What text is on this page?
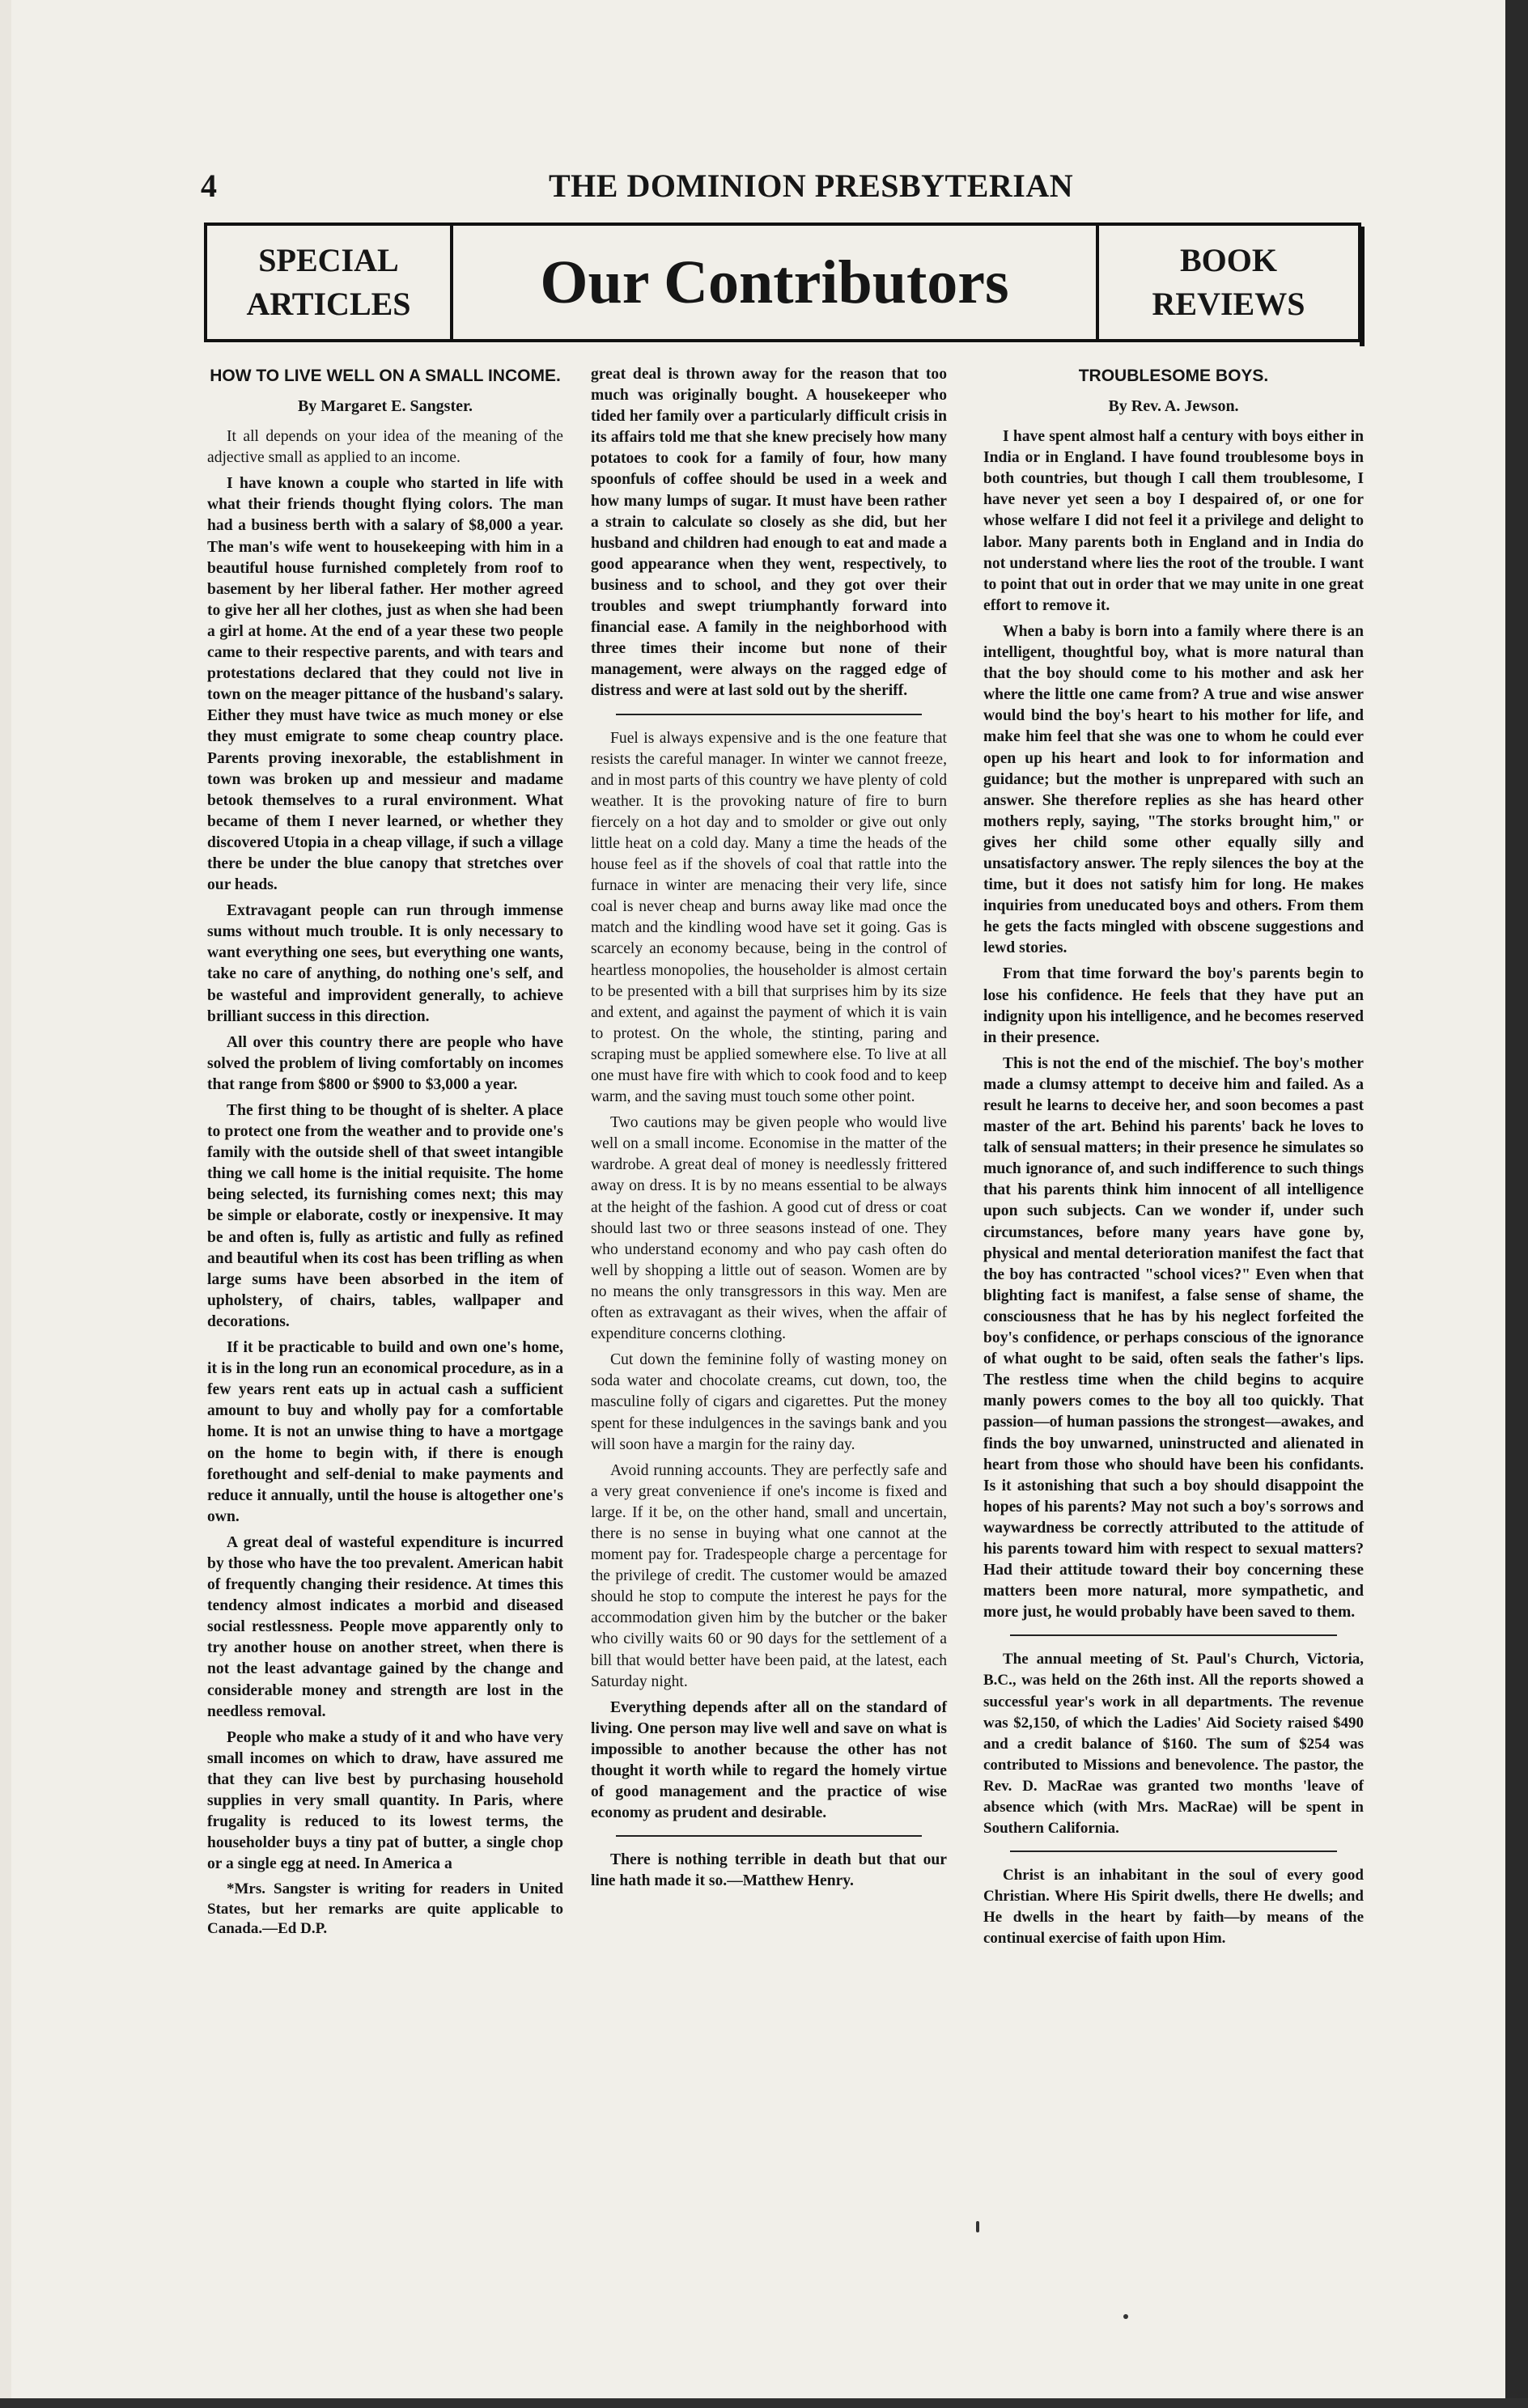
4	THE DOMINION PRESBYTERIAN
SPECIAL
ARTICLES	Our Contributors	BOOK
REVIEWS
HOW TO LIVE WELL ON A SMALL INCOME.

By Margaret E. Sangster.

It all depends on your idea of the meaning of the adjective small as applied to an income.

I have known a couple who started in life with what their friends thought flying colors. The man had a business berth with a salary of $8,000 a year. The man's wife went to housekeeping with him in a beautiful house furnished completely from roof to basement by her liberal father. Her mother agreed to give her all her clothes, just as when she had been a girl at home. At the end of a year these two people came to their respective parents, and with tears and protestations declared that they could not live in town on the meager pittance of the husband's salary. Either they must have twice as much money or else they must emigrate to some cheap country place. Parents proving inexorable, the establishment in town was broken up and messieur and madame betook themselves to a rural environment. What became of them I never learned, or whether they discovered Utopia in a cheap village, if such a village there be under the blue canopy that stretches over our heads.

Extravagant people can run through immense sums without much trouble. It is only necessary to want everything one sees, but everything one wants, take no care of anything, do nothing one's self, and be wasteful and improvident generally, to achieve brilliant success in this direction.

All over this country there are people who have solved the problem of living comfortably on incomes that range from $800 or $900 to $3,000 a year.

The first thing to be thought of is shelter. A place to protect one from the weather and to provide one's family with the outside shell of that sweet intangible thing we call home is the initial requisite. The home being selected, its furnishing comes next; this may be simple or elaborate, costly or inexpensive. It may be and often is, fully as artistic and fully as refined and beautiful when its cost has been trifling as when large sums have been absorbed in the item of upholstery, of chairs, tables, wallpaper and decorations.

If it be practicable to build and own one's home, it is in the long run an economical procedure, as in a few years rent eats up in actual cash a sufficient amount to buy and wholly pay for a comfortable home. It is not an unwise thing to have a mortgage on the home to begin with, if there is enough forethought and self-denial to make payments and reduce it annually, until the house is altogether one's own.

A great deal of wasteful expenditure is incurred by those who have the too prevalent. American habit of frequently changing their residence. At times this tendency almost indicates a morbid and diseased social restlessness. People move apparently only to try another house on another street, when there is not the least advantage gained by the change and considerable money and strength are lost in the needless removal.

People who make a study of it and who have very small incomes on which to draw, have assured me that they can live best by purchasing household supplies in very small quantity. In Paris, where frugality is reduced to its lowest terms, the householder buys a tiny pat of butter, a single chop or a single egg at need. In America a

*Mrs. Sangster is writing for readers in United States, but her remarks are quite applicable to Canada.—Ed D.P.

great deal is thrown away for the reason that too much was originally bought. A housekeeper who tided her family over a particularly difficult crisis in its affairs told me that she knew precisely how many potatoes to cook for a family of four, how many spoonfuls of coffee should be used in a week and how many lumps of sugar. It must have been rather a strain to calculate so closely as she did, but her husband and children had enough to eat and made a good appearance when they went, respectively, to business and to school, and they got over their troubles and swept triumphantly forward into financial ease. A family in the neighborhood with three times their income but none of their management, were always on the ragged edge of distress and were at last sold out by the sheriff.

Fuel is always expensive and is the one feature that resists the careful manager. In winter we cannot freeze, and in most parts of this country we have plenty of cold weather. It is the provoking nature of fire to burn fiercely on a hot day and to smolder or give out only little heat on a cold day. Many a time the heads of the house feel as if the shovels of coal that rattle into the furnace in winter are menacing their very life, since coal is never cheap and burns away like mad once the match and the kindling wood have set it going. Gas is scarcely an economy because, being in the control of heartless monopolies, the householder is almost certain to be presented with a bill that surprises him by its size and extent, and against the payment of which it is vain to protest. On the whole, the stinting, paring and scraping must be applied somewhere else. To live at all one must have fire with which to cook food and to keep warm, and the saving must touch some other point.

Two cautions may be given people who would live well on a small income. Economise in the matter of the wardrobe. A great deal of money is needlessly frittered away on dress. It is by no means essential to be always at the height of the fashion. A good cut of dress or coat should last two or three seasons instead of one. They who understand economy and who pay cash often do well by shopping a little out of season. Women are by no means the only transgressors in this way. Men are often as extravagant as their wives, when the affair of expenditure concerns clothing.

Cut down the feminine folly of wasting money on soda water and chocolate creams, cut down, too, the masculine folly of cigars and cigarettes. Put the money spent for these indulgences in the savings bank and you will soon have a margin for the rainy day.

Avoid running accounts. They are perfectly safe and a very great convenience if one's income is fixed and large. If it be, on the other hand, small and uncertain, there is no sense in buying what one cannot at the moment pay for. Tradespeople charge a percentage for the privilege of credit. The customer would be amazed should he stop to compute the interest he pays for the accommodation given him by the butcher or the baker who civilly waits 60 or 90 days for the settlement of a bill that would better have been paid, at the latest, each Saturday night.

Everything depends after all on the standard of living. One person may live well and save on what is impossible to another because the other has not thought it worth while to regard the homely virtue of good management and the practice of wise economy as prudent and desirable.

There is nothing terrible in death but that our line hath made it so.—Matthew Henry.

TROUBLESOME BOYS.

By Rev. A. Jewson.

I have spent almost half a century with boys either in India or in England. I have found troublesome boys in both countries, but though I call them troublesome, I have never yet seen a boy I despaired of, or one for whose welfare I did not feel it a privilege and delight to labor. Many parents both in England and in India do not understand where lies the root of the trouble. I want to point that out in order that we may unite in one great effort to remove it.

When a baby is born into a family where there is an intelligent, thoughtful boy, what is more natural than that the boy should come to his mother and ask her where the little one came from? A true and wise answer would bind the boy's heart to his mother for life, and make him feel that she was one to whom he could ever open up his heart and look to for information and guidance; but the mother is unprepared with such an answer. She therefore replies as she has heard other mothers reply, saying, "The storks brought him," or gives her child some other equally silly and unsatisfactory answer. The reply silences the boy at the time, but it does not satisfy him for long. He makes inquiries from uneducated boys and others. From them he gets the facts mingled with obscene suggestions and lewd stories.

From that time forward the boy's parents begin to lose his confidence. He feels that they have put an indignity upon his intelligence, and he becomes reserved in their presence.

This is not the end of the mischief. The boy's mother made a clumsy attempt to deceive him and failed. As a result he learns to deceive her, and soon becomes a past master of the art. Behind his parents' back he loves to talk of sensual matters; in their presence he simulates so much ignorance of, and such indifference to such things that his parents think him innocent of all intelligence upon such subjects. Can we wonder if, under such circumstances, before many years have gone by, physical and mental deterioration manifest the fact that the boy has contracted "school vices?" Even when that blighting fact is manifest, a false sense of shame, the consciousness that he has by his neglect forfeited the boy's confidence, or perhaps conscious of the ignorance of what ought to be said, often seals the father's lips. The restless time when the child begins to acquire manly powers comes to the boy all too quickly. That passion—of human passions the strongest—awakes, and finds the boy unwarned, uninstructed and alienated in heart from those who should have been his confidants. Is it astonishing that such a boy should disappoint the hopes of his parents? May not such a boy's sorrows and waywardness be correctly attributed to the attitude of his parents toward him with respect to sexual matters? Had their attitude toward their boy concerning these matters been more natural, more sympathetic, and more just, he would probably have been saved to them.

The annual meeting of St. Paul's Church, Victoria, B.C., was held on the 26th inst. All the reports showed a successful year's work in all departments. The revenue was $2,150, of which the Ladies' Aid Society raised $490 and a credit balance of $160. The sum of $254 was contributed to Missions and benevolence. The pastor, the Rev. D. MacRae was granted two months 'leave of absence which (with Mrs. MacRae) will be spent in Southern California.

Christ is an inhabitant in the soul of every good Christian. Where His Spirit dwells, there He dwells; and He dwells in the heart by faith—by means of the continual exercise of faith upon Him.
